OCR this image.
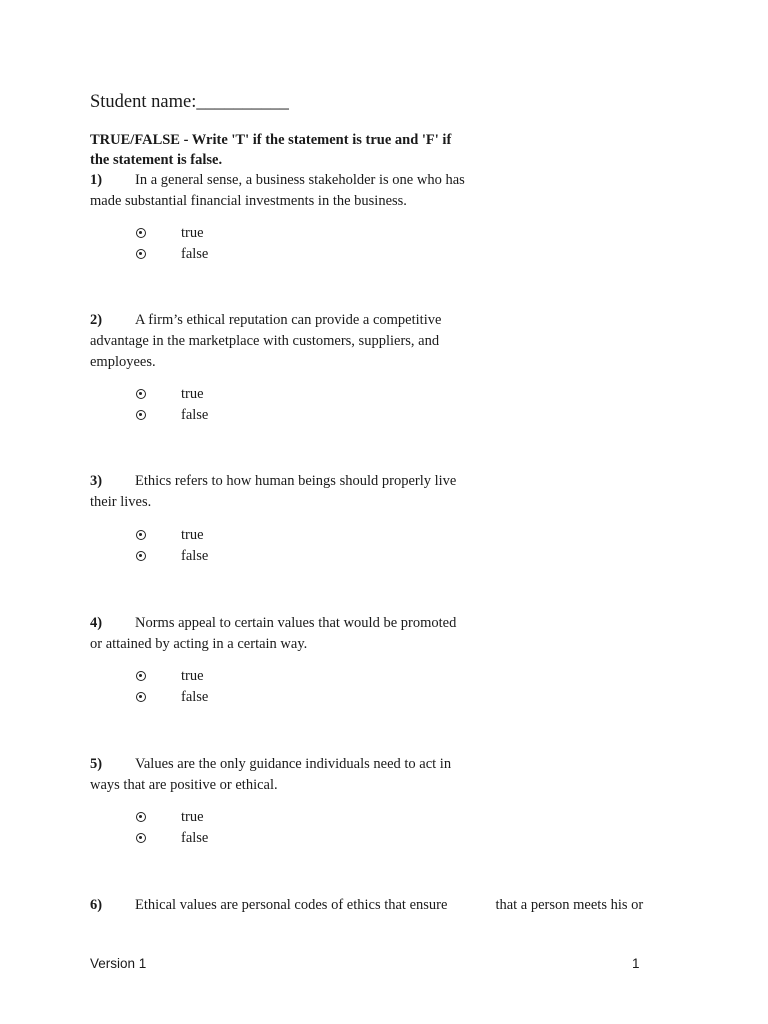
Student name:__________
TRUE/FALSE - Write 'T' if the statement is true and 'F' if the statement is false.
1) In a general sense, a business stakeholder is one who has made substantial financial investments in the business.
true
false
2) A firm’s ethical reputation can provide a competitive advantage in the marketplace with customers, suppliers, and employees.
true
false
3) Ethics refers to how human beings should properly live their lives.
true
false
4) Norms appeal to certain values that would be promoted or attained by acting in a certain way.
true
false
5) Values are the only guidance individuals need to act in ways that are positive or ethical.
true
false
6) Ethical values are personal codes of ethics that ensure	that a person meets his or
Version 1	1
